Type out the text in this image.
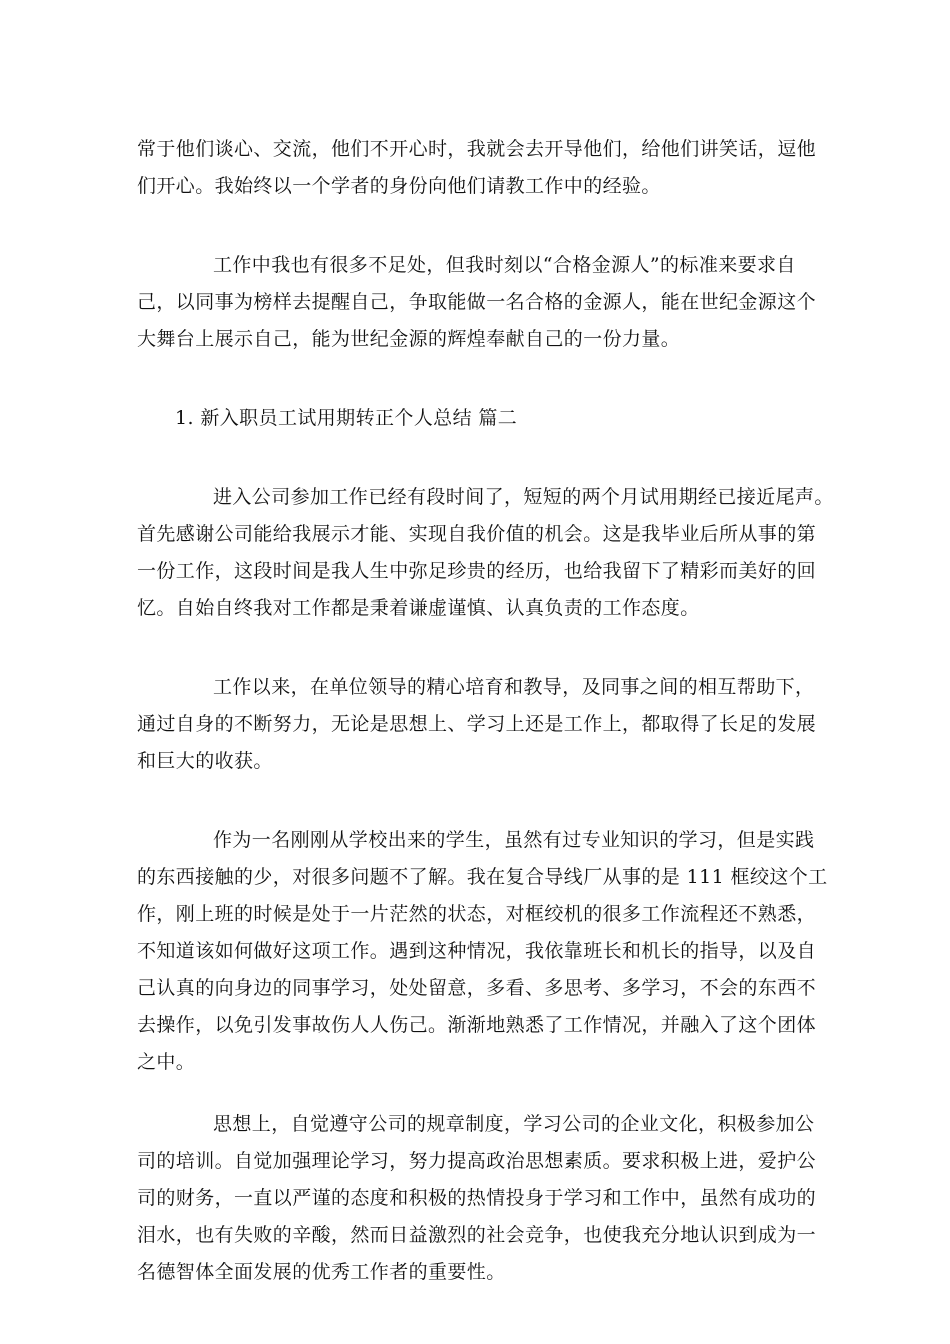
常于他们谈心、交流，他们不开心时，我就会去开导他们，给他们讲笑话，逗他
们开心。我始终以一个学者的身份向他们请教工作中的经验。
工作中我也有很多不足处，但我时刻以“合格金源人”的标准来要求自
己，以同事为榜样去提醒自己，争取能做一名合格的金源人，能在世纪金源这个
大舞台上展示自己，能为世纪金源的辉煌奉献自己的一份力量。
1. 新入职员工试用期转正个人总结 篇二
进入公司参加工作已经有段时间了，短短的两个月试用期经已接近尾声。
首先感谢公司能给我展示才能、实现自我价值的机会。这是我毕业后所从事的第
一份工作，这段时间是我人生中弥足珍贵的经历，也给我留下了精彩而美好的回
忆。自始自终我对工作都是秉着谦虚谨慎、认真负责的工作态度。
工作以来，在单位领导的精心培育和教导，及同事之间的相互帮助下，
通过自身的不断努力，无论是思想上、学习上还是工作上，都取得了长足的发展
和巨大的收获。
作为一名刚刚从学校出来的学生，虽然有过专业知识的学习，但是实践
的东西接触的少，对很多问题不了解。我在复合导线厂从事的是 111 框绞这个工
作，刚上班的时候是处于一片茫然的状态，对框绞机的很多工作流程还不熟悉，
不知道该如何做好这项工作。遇到这种情况，我依靠班长和机长的指导，以及自
己认真的向身边的同事学习，处处留意，多看、多思考、多学习，不会的东西不
去操作，以免引发事故伤人人伤己。渐渐地熟悉了工作情况，并融入了这个团体
之中。
思想上，自觉遵守公司的规章制度，学习公司的企业文化，积极参加公
司的培训。自觉加强理论学习，努力提高政治思想素质。要求积极上进，爱护公
司的财务，一直以严谨的态度和积极的热情投身于学习和工作中，虽然有成功的
泪水，也有失败的辛酸，然而日益激烈的社会竞争，也使我充分地认识到成为一
名德智体全面发展的优秀工作者的重要性。
